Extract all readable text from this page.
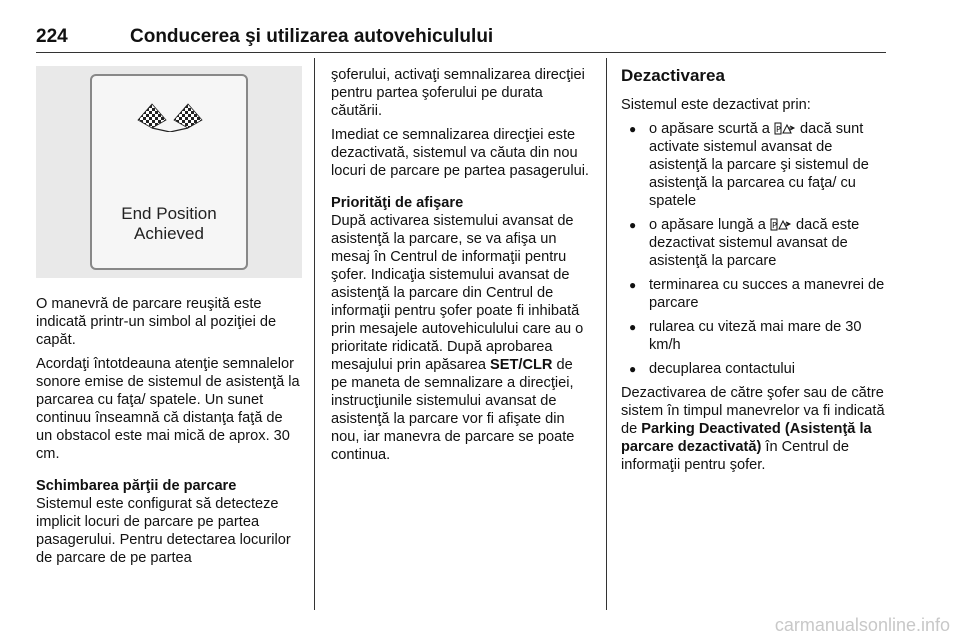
224	Conducerea şi utilizarea autovehiculului
End Position
Achieved

O manevră de parcare reuşită este indicată printr-un simbol al poziţiei de capăt.

Acordaţi întotdeauna atenţie semnalelor sonore emise de sistemul de asistenţă la parcarea cu faţa/ spatele. Un sunet continuu înseamnă că distanţa faţă de un obstacol este mai mică de aprox. 30 cm.

Schimbarea părţii de parcare

Sistemul este configurat să detecteze implicit locuri de parcare pe partea pasagerului. Pentru detectarea locurilor de parcare de pe partea

şoferului, activaţi semnalizarea direcţiei pentru partea şoferului pe durata căutării.

Imediat ce semnalizarea direcţiei este dezactivată, sistemul va căuta din nou locuri de parcare pe partea pasagerului.

Priorităţi de afişare

După activarea sistemului avansat de asistenţă la parcare, se va afişa un mesaj în Centrul de informaţii pentru şofer. Indicaţia sistemului avansat de asistenţă la parcare din Centrul de informaţii pentru şofer poate fi inhibată prin mesajele autovehiculului care au o prioritate ridicată. După aprobarea mesajului prin apăsarea SET/CLR de pe maneta de semnalizare a direcţiei, instrucţiunile sistemului avansat de asistenţă la parcare vor fi afişate din nou, iar manevra de parcare se poate continua.

Dezactivarea

Sistemul este dezactivat prin:

● o apăsare scurtă a P dacă sunt activate sistemul avansat de asistenţă la parcare şi sistemul de asistenţă la parcarea cu faţa/ cu spatele
● o apăsare lungă a P dacă este dezactivat sistemul avansat de asistenţă la parcare
● terminarea cu succes a manevrei de parcare
● rularea cu viteză mai mare de 30 km/h
● decuplarea contactului

Dezactivarea de către şofer sau de către sistem în timpul manevrelor va fi indicată de Parking Deactivated (Asistenţă la parcare dezactivată) în Centrul de informaţii pentru şofer.

carmanualsonline.info
